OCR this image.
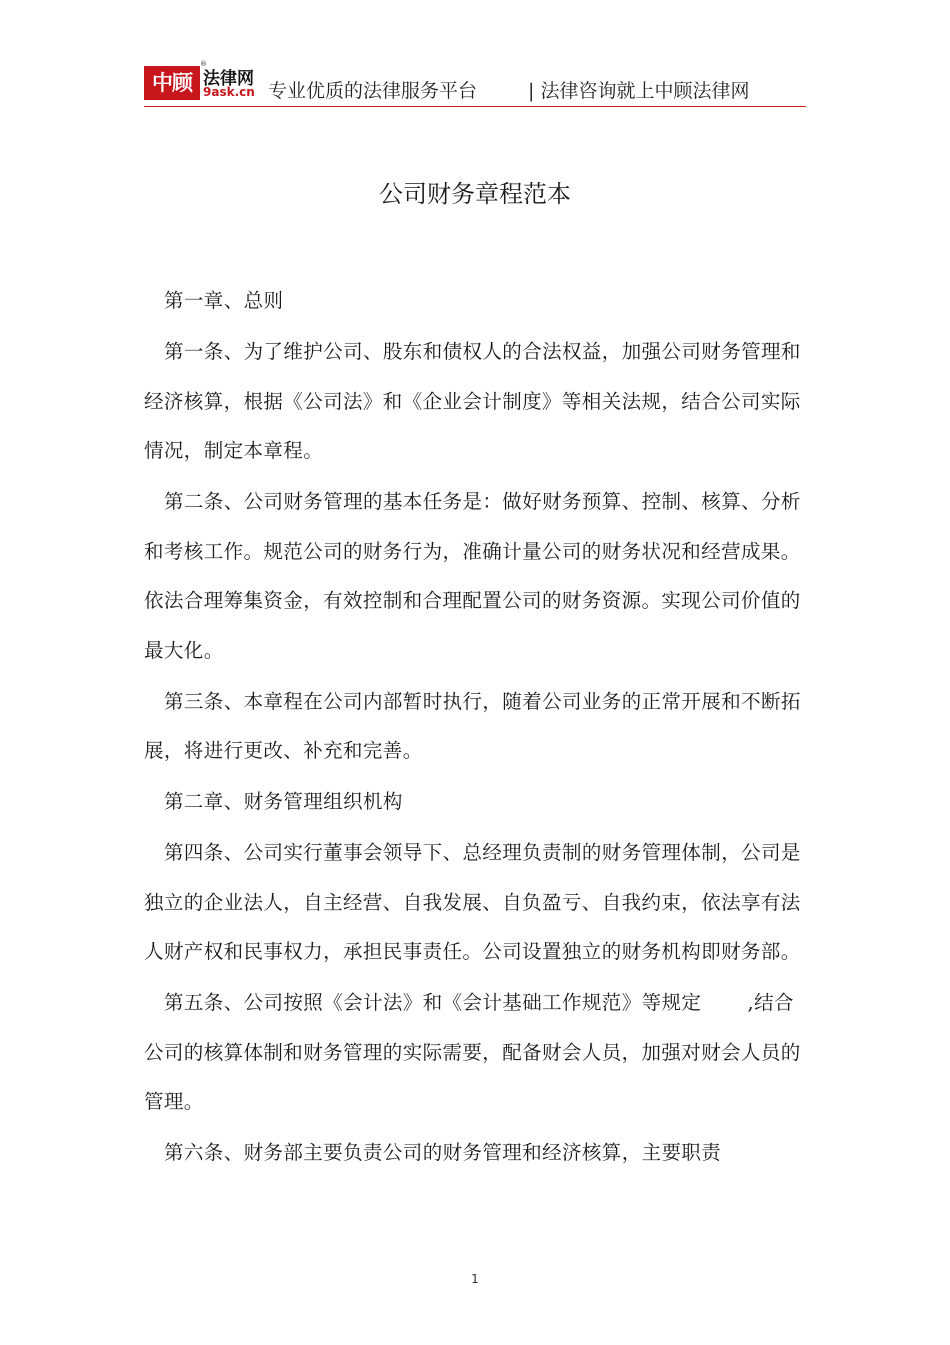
中顾
®
法律网
9ask.cn 专业优质的法律服务平台	| 法律咨询就上中顾法律网
公司财务章程范本

第一章、总则

第一条、为了维护公司、股东和债权人的合法权益，加强公司财务管理和经济核算，根据《公司法》和《企业会计制度》等相关法规，结合公司实际情况，制定本章程。

第二条、公司财务管理的基本任务是：做好财务预算、控制、核算、分析和考核工作。规范公司的财务行为，准确计量公司的财务状况和经营成果。依法合理筹集资金，有效控制和合理配置公司的财务资源。实现公司价值的最大化。

第三条、本章程在公司内部暂时执行，随着公司业务的正常开展和不断拓展，将进行更改、补充和完善。

第二章、财务管理组织机构

第四条、公司实行董事会领导下、总经理负责制的财务管理体制，公司是独立的企业法人，自主经营、自我发展、自负盈亏、自我约束，依法享有法人财产权和民事权力，承担民事责任。公司设置独立的财务机构即财务部。

第五条、公司按照《会计法》和《会计基础工作规范》等规定       ,结合公司的核算体制和财务管理的实际需要，配备财会人员，加强对财会人员的管理。

第六条、财务部主要负责公司的财务管理和经济核算，主要职责

1
